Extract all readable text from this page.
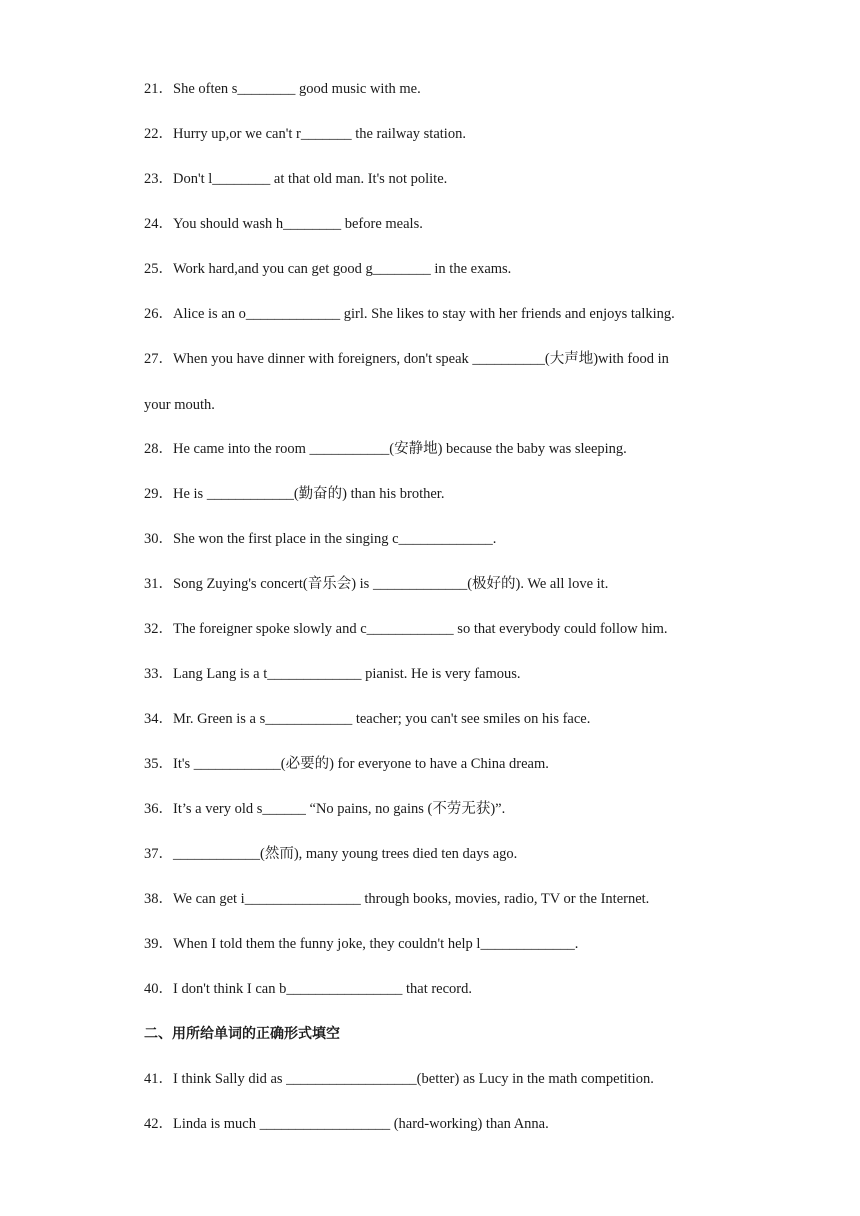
21．She often s________ good music with me.
22．Hurry up,or we can't r_______ the railway station.
23．Don't l________ at that old man. It's not polite.
24．You should wash h________ before meals.
25．Work hard,and you can get good g________ in the exams.
26．Alice is an o_____________ girl. She likes to stay with her friends and enjoys talking.
27．When you have dinner with foreigners, don't speak __________(大声地)with food in
your mouth.
28．He came into the room ___________(安静地) because the baby was sleeping.
29．He is ____________(勤奋的) than his brother.
30．She won the first place in the singing c_____________.
31．Song Zuying's concert(音乐会) is _____________(极好的). We all love it.
32．The foreigner spoke slowly and c____________ so that everybody could follow him.
33．Lang Lang is a t_____________ pianist. He is very famous.
34．Mr. Green is a s____________ teacher; you can't see smiles on his face.
35．It's ____________(必要的) for everyone to have a China dream.
36．It’s a very old s______ “No pains, no gains (不劳无获)”.
37．____________(然而), many young trees died ten days ago.
38．We can get i________________ through books, movies, radio, TV or the Internet.
39．When I told them the funny joke, they couldn't help l_____________.
40．I don't think I can b________________ that record.
二、用所给单词的正确形式填空
41．I think Sally did as __________________(better) as Lucy in the math competition.
42．Linda is much __________________ (hard-working) than Anna.
